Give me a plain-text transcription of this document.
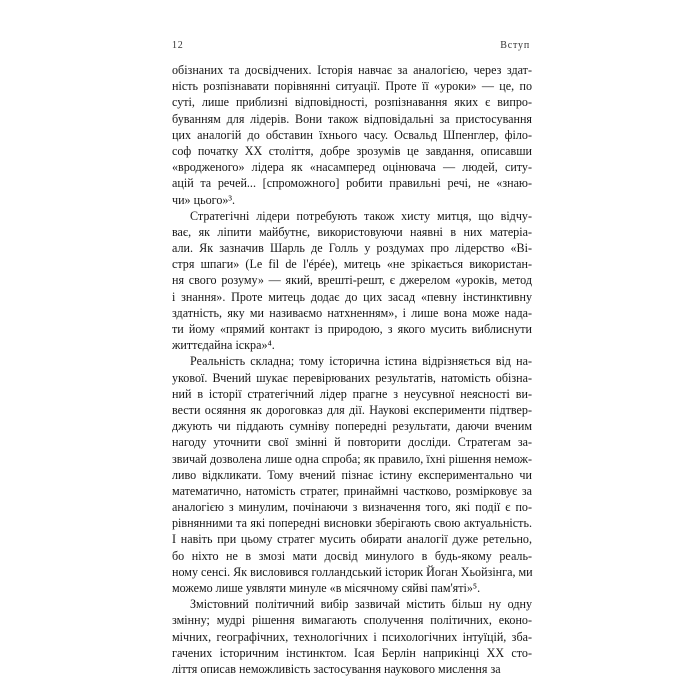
12	Вступ
обізнаних та досвідчених. Історія навчає за аналогією, через здат-
ність розпізнавати порівнянні ситуації. Проте її «уроки» — це, по
суті, лише приблизні відповідності, розпізнавання яких є випро-
буванням для лідерів. Вони також відповідальні за пристосування
цих аналогій до обставин їхнього часу. Освальд Шпенглер, філо-
соф початку XX століття, добре зрозумів це завдання, описавши
«вродженого» лідера як «насамперед оцінювача — людей, ситу-
ацій та речей... [спроможного] робити правильні речі, не «знаю-
чи» цього»³.
Стратегічні лідери потребують також хисту митця, що відчу-
ває, як ліпити майбутнє, використовуючи наявні в них матеріа-
али. Як зазначив Шарль де Голль у роздумах про лідерство «Ві-
стря шпаги» (Le fil de l'épée), митець «не зрікається використан-
ня свого розуму» — який, врешті-решт, є джерелом «уроків, метод
і знання». Проте митець додає до цих засад «певну інстинктивну
здатність, яку ми називаємо натхненням», і лише вона може нада-
ти йому «прямий контакт із природою, з якого мусить виблиснути
життєдайна іскра»⁴.
Реальність складна; тому історична істина відрізняється від на-
укової. Вчений шукає перевірюваних результатів, натомість обізна-
ний в історії стратегічний лідер прагне з неусувної неясності ви-
вести осяяння як дороговказ для дії. Наукові експерименти підтвер-
джують чи піддають сумніву попередні результати, даючи вченим
нагоду уточнити свої змінні й повторити досліди. Стратегам за-
звичай дозволена лише одна спроба; як правило, їхні рішення немож-
ливо відкликати. Тому вчений пізнає істину експериментально чи
математично, натомість стратег, принаймні частково, розмірковує за
аналогією з минулим, почінаючи з визначення того, які події є по-
рівнянними та які попередні висновки зберігають свою актуальність.
І навіть при цьому стратег мусить обирати аналогії дуже ретельно,
бо ніхто не в змозі мати досвід минулого в будь-якому реаль-
ному сенсі. Як висловився голландський історик Йоган Хьойзінга, ми
можемо лише уявляти минуле «в місячному сяйві пам'яті»⁵.
Змістовний політичний вибір зазвичай містить більш ну одну
змінну; мудрі рішення вимагають сполучення політичних, еконо-
мічних, географічних, технологічних і психологічних інтуїцій, зба-
гачених історичним інстинктом. Ісая Берлін наприкінці XX сто-
ліття описав неможливість застосування наукового мислення за
